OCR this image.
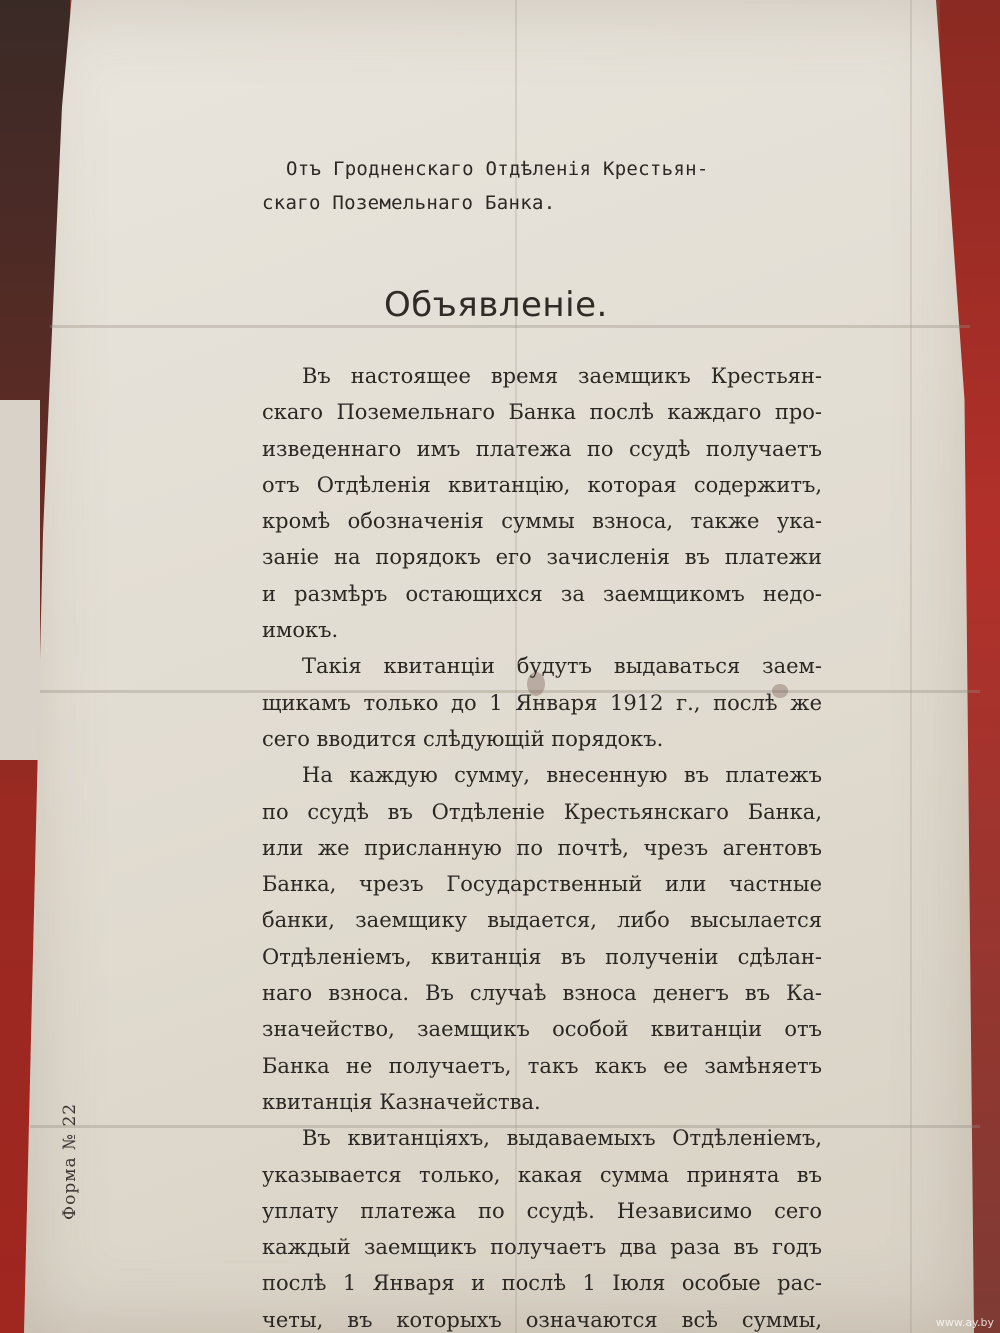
Отъ Гродненскаго Отдѣленія Крестьян-
скаго Поземельнаго Банка.
Объявленіе.
Въ настоящее время заемщикъ Крестьян-
скаго Поземельнаго Банка послѣ каждаго про-
изведеннаго имъ платежа по ссудѣ получаетъ
отъ Отдѣленія квитанцію, которая содержитъ,
кромѣ обозначенія суммы взноса, также ука-
заніе на порядокъ его зачисленія въ платежи
и размѣръ остающихся за заемщикомъ недо-
имокъ.
Такія квитанціи будутъ выдаваться заем-
щикамъ только до 1 Января 1912 г., послѣ же
сего вводится слѣдующій порядокъ.
На каждую сумму, внесенную въ платежъ
по ссудѣ въ Отдѣленіе Крестьянскаго Банка,
или же присланную по почтѣ, чрезъ агентовъ
Банка, чрезъ Государственный или частные
банки, заемщику выдается, либо высылается
Отдѣленіемъ, квитанція въ полученіи сдѣлан-
наго взноса. Въ случаѣ взноса денегъ въ Ка-
значейство, заемщикъ особой квитанціи отъ
Банка не получаетъ, такъ какъ ее замѣняетъ
квитанція Казначейства.
Въ квитанціяхъ, выдаваемыхъ Отдѣленіемъ,
указывается только, какая сумма принята въ
уплату платежа по ссудѣ. Независимо сего
каждый заемщикъ получаетъ два раза въ годъ
послѣ 1 Января и послѣ 1 Іюля особые рас-
четы, въ которыхъ означаются всѣ суммы,
Форма № 22
www.ay.by
